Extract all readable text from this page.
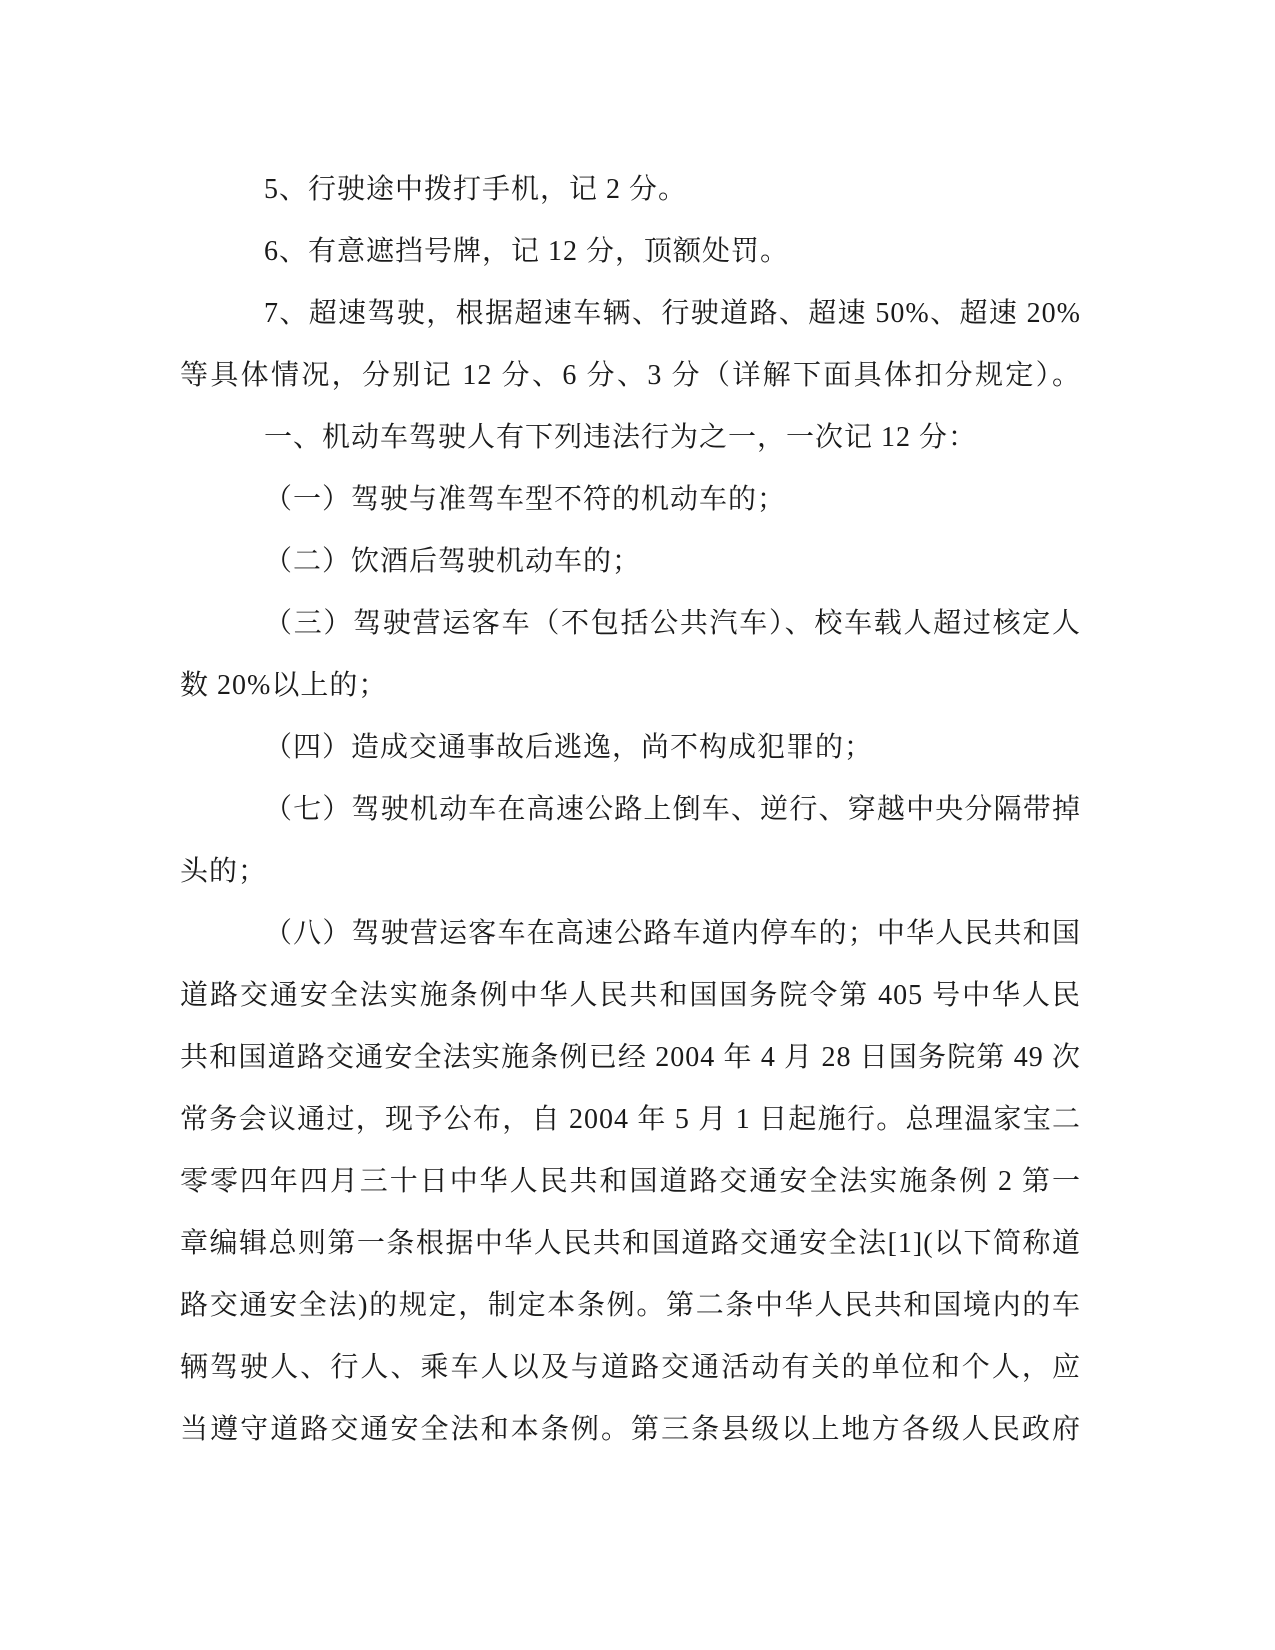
5、行驶途中拨打手机，记 2 分。
6、有意遮挡号牌，记 12 分，顶额处罚。
7、超速驾驶，根据超速车辆、行驶道路、超速 50%、超速 20%
等具体情况，分别记 12 分、6 分、3 分（详解下面具体扣分规定）。
一、机动车驾驶人有下列违法行为之一，一次记 12 分：
（一）驾驶与准驾车型不符的机动车的；
（二）饮酒后驾驶机动车的；
（三）驾驶营运客车（不包括公共汽车）、校车载人超过核定人
数 20%以上的；
（四）造成交通事故后逃逸，尚不构成犯罪的；
（七）驾驶机动车在高速公路上倒车、逆行、穿越中央分隔带掉
头的；
（八）驾驶营运客车在高速公路车道内停车的；中华人民共和国
道路交通安全法实施条例中华人民共和国国务院令第 405 号中华人民
共和国道路交通安全法实施条例已经 2004 年 4 月 28 日国务院第 49 次
常务会议通过，现予公布，自 2004 年 5 月 1 日起施行。总理温家宝二
零零四年四月三十日中华人民共和国道路交通安全法实施条例 2 第一
章编辑总则第一条根据中华人民共和国道路交通安全法[1](以下简称道
路交通安全法)的规定，制定本条例。第二条中华人民共和国境内的车
辆驾驶人、行人、乘车人以及与道路交通活动有关的单位和个人，应
当遵守道路交通安全法和本条例。第三条县级以上地方各级人民政府
